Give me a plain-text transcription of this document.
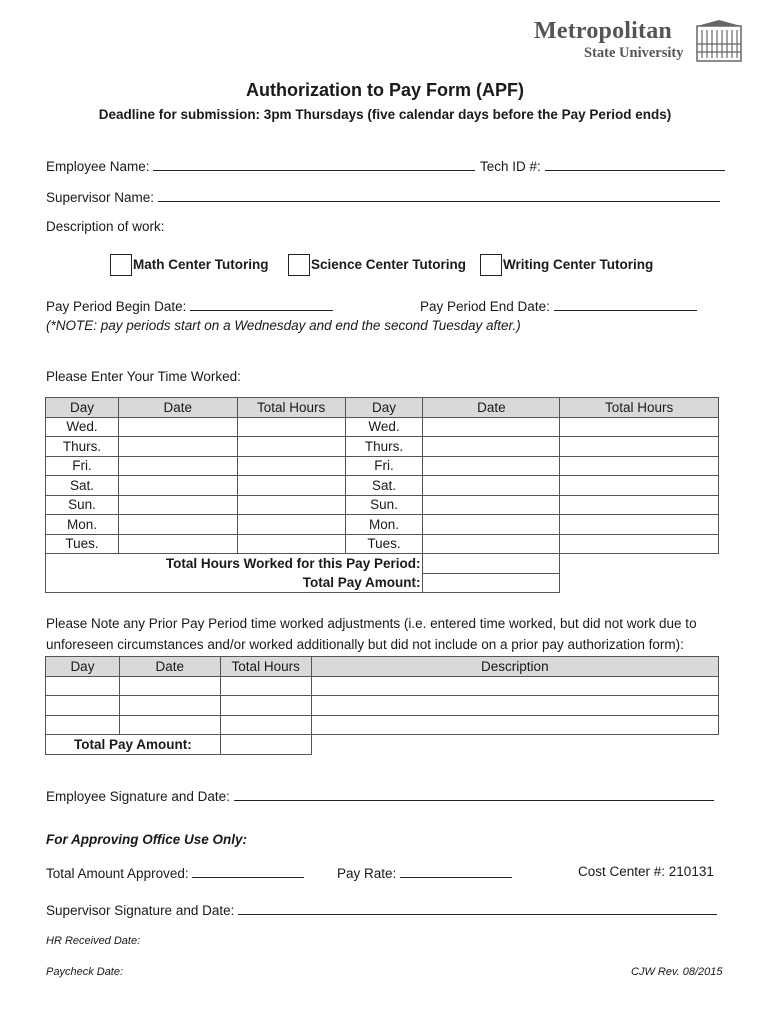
Metropolitan
State University
Authorization to Pay Form (APF)
Deadline for submission: 3pm Thursdays (five calendar days before the Pay Period ends)
Employee Name:	Tech ID #:
Supervisor Name:
Description of work:
Math Center Tutoring	Science Center Tutoring	Writing Center Tutoring
Pay Period Begin Date:	Pay Period End Date:
(*NOTE: pay periods start on a Wednesday and end the second Tuesday after.)
Please Enter Your Time Worked:
Day	Date	Total Hours	Day	Date	Total Hours
Wed.			Wed.		
Thurs.			Thurs.		
Fri.			Fri.		
Sat.			Sat.		
Sun.			Sun.		
Mon.			Mon.		
Tues.			Tues.		
Total Hours Worked for this Pay Period:					
Total Pay Amount:					
Please Note any Prior Pay Period time worked adjustments (i.e. entered time worked, but did not work due to
unforeseen circumstances and/or worked additionally but did not include on a prior pay authorization form):
Day	Date	Total Hours	Description

Total Pay Amount:			
Employee Signature and Date:
For Approving Office Use Only:
Total Amount Approved:	Pay Rate:	Cost Center #: 210131
Supervisor Signature and Date:
HR Received Date:
Paycheck Date:	CJW Rev. 08/2015
